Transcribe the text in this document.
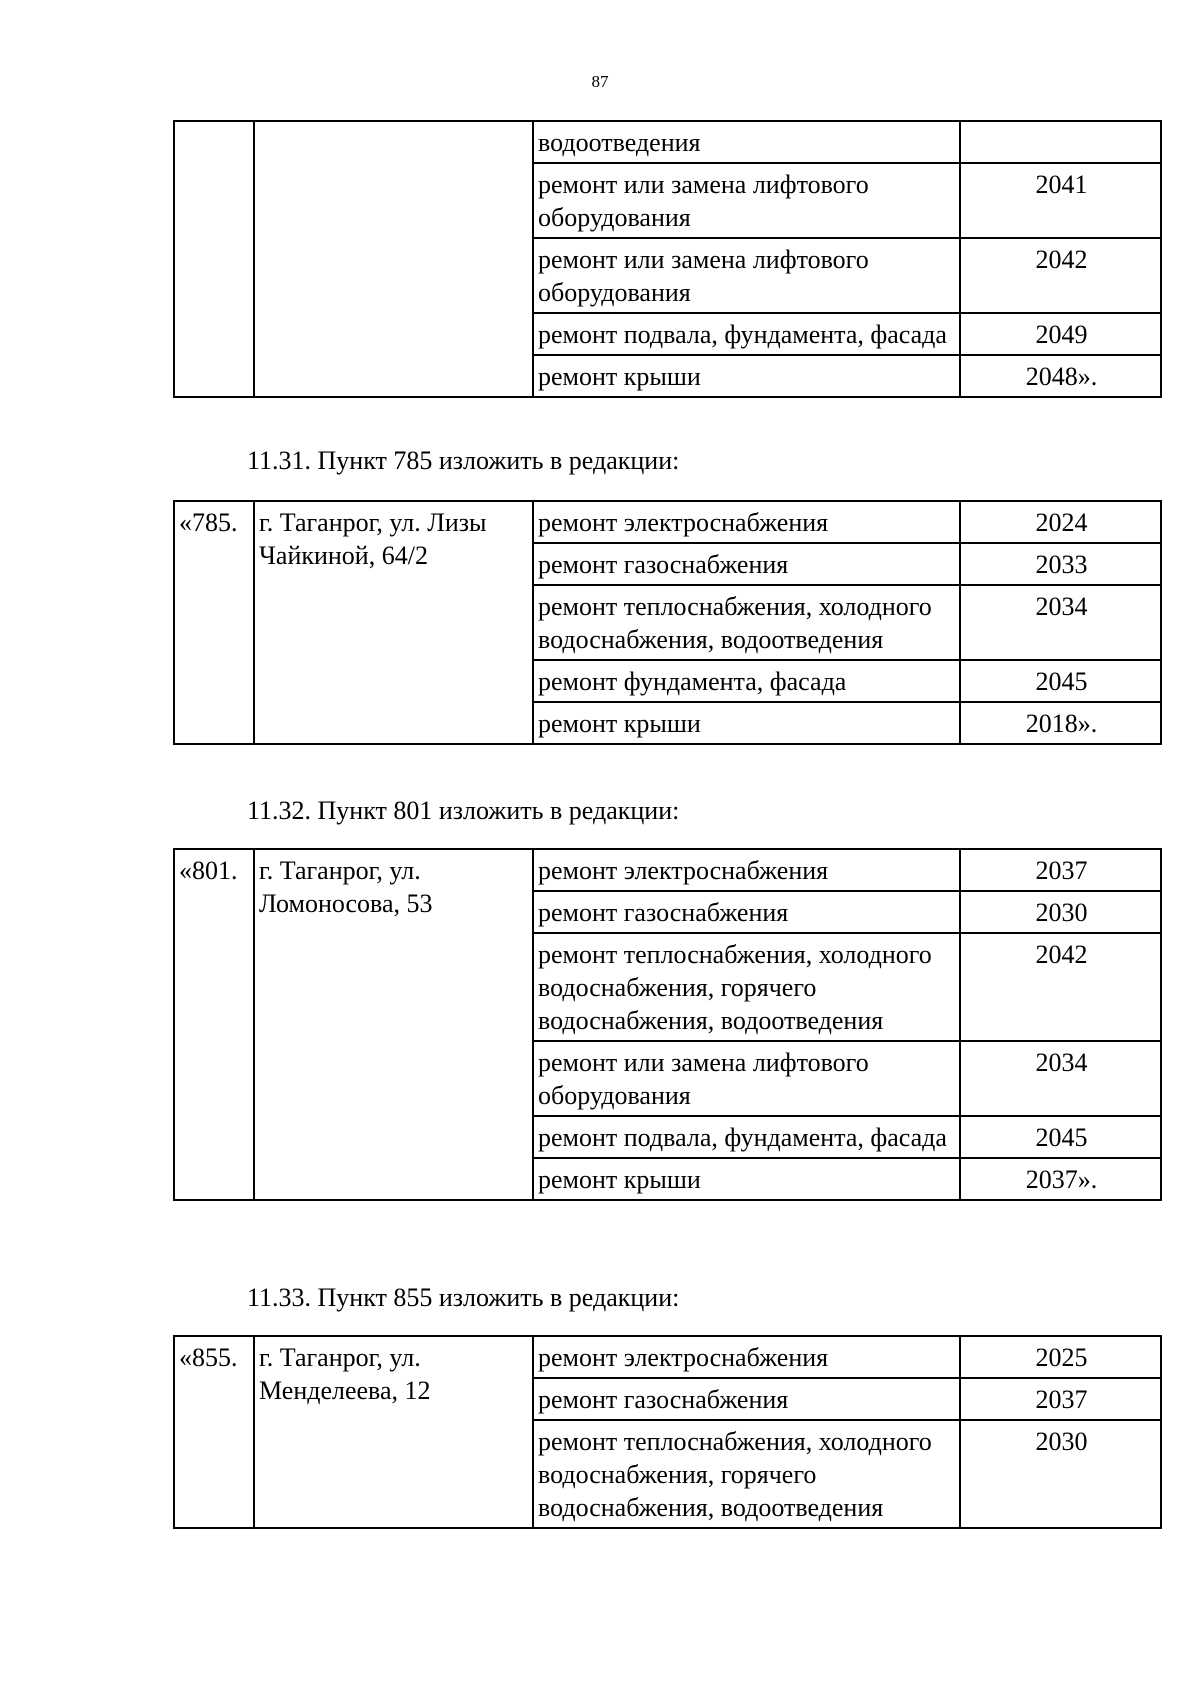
87
		водоотведения	
		ремонт или замена лифтового оборудования	2041
		ремонт или замена лифтового оборудования	2042
		ремонт подвала, фундамента, фасада	2049
		ремонт крыши	2048».
11.31. Пункт 785 изложить в редакции:
«785.	г. Таганрог, ул. Лизы Чайкиной, 64/2	ремонт электроснабжения	2024
		ремонт газоснабжения	2033
		ремонт теплоснабжения, холодного водоснабжения, водоотведения	2034
		ремонт фундамента, фасада	2045
		ремонт крыши	2018».
11.32. Пункт 801 изложить в редакции:
«801.	г. Таганрог, ул. Ломоносова, 53	ремонт электроснабжения	2037
		ремонт газоснабжения	2030
		ремонт теплоснабжения, холодного водоснабжения, горячего водоснабжения, водоотведения	2042
		ремонт или замена лифтового оборудования	2034
		ремонт подвала, фундамента, фасада	2045
		ремонт крыши	2037».
11.33. Пункт 855 изложить в редакции:
«855.	г. Таганрог, ул. Менделеева, 12	ремонт электроснабжения	2025
		ремонт газоснабжения	2037
		ремонт теплоснабжения, холодного водоснабжения, горячего водоснабжения, водоотведения	2030
